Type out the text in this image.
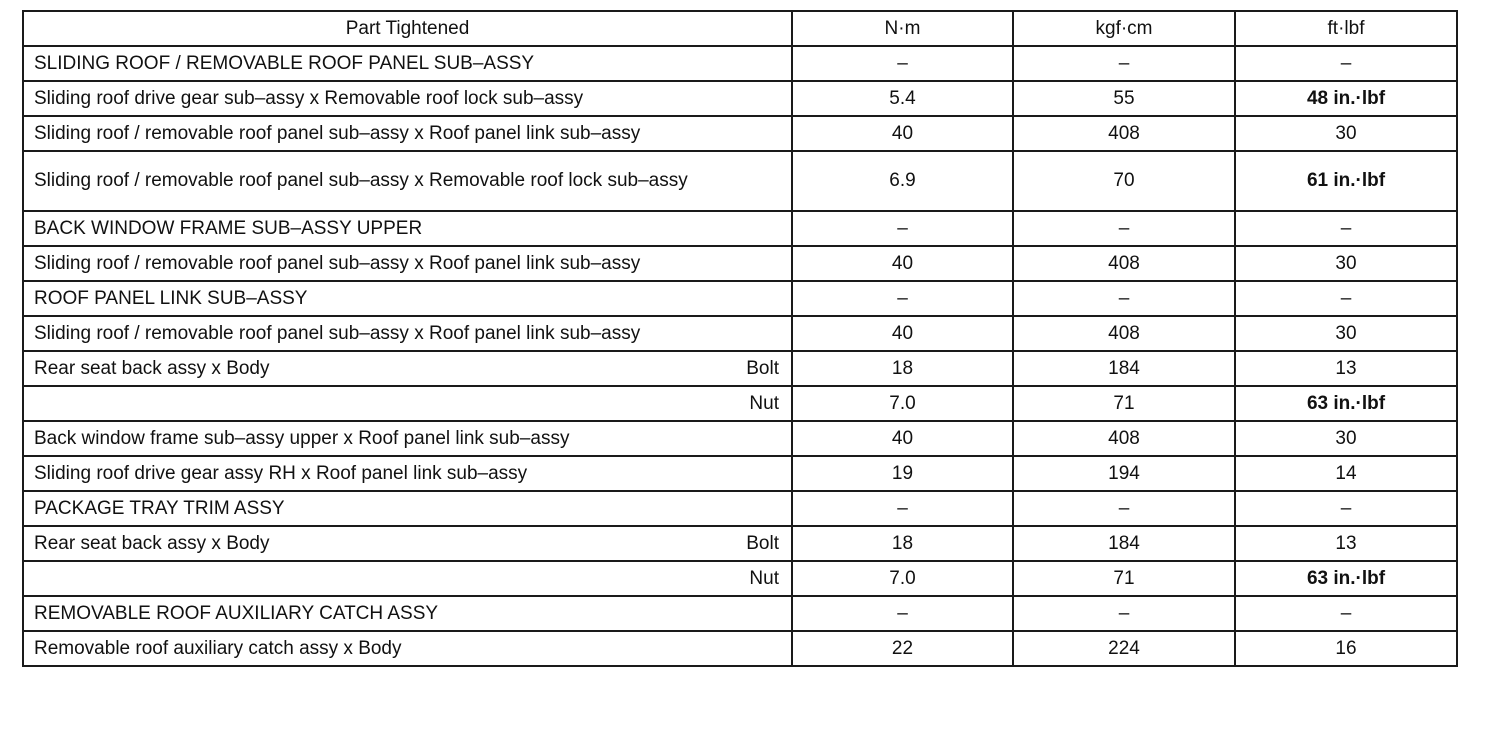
Part Tightened	N·m	kgf·cm	ft·lbf

SLIDING ROOF / REMOVABLE ROOF PANEL SUB–ASSY	–	–	–

Sliding roof drive gear sub–assy x Removable roof lock sub–assy	5.4	55	48 in.·lbf

Sliding roof / removable roof panel sub–assy x Roof panel link sub–assy	40	408	30

Sliding roof / removable roof panel sub–assy x Removable roof lock sub–assy	6.9	70	61 in.·lbf

BACK WINDOW FRAME SUB–ASSY UPPER	–	–	–

Sliding roof / removable roof panel sub–assy x Roof panel link sub–assy	40	408	30

ROOF PANEL LINK SUB–ASSY	–	–	–

Sliding roof / removable roof panel sub–assy x Roof panel link sub–assy	40	408	30

Rear seat back assy x Body Bolt	18	184	13

Nut	7.0	71	63 in.·lbf

Back window frame sub–assy upper x Roof panel link sub–assy	40	408	30

Sliding roof drive gear assy RH x Roof panel link sub–assy	19	194	14

PACKAGE TRAY TRIM ASSY	–	–	–

Rear seat back assy x Body Bolt	18	184	13

Nut	7.0	71	63 in.·lbf

REMOVABLE ROOF AUXILIARY CATCH ASSY	–	–	–

Removable roof auxiliary catch assy x Body	22	224	16
